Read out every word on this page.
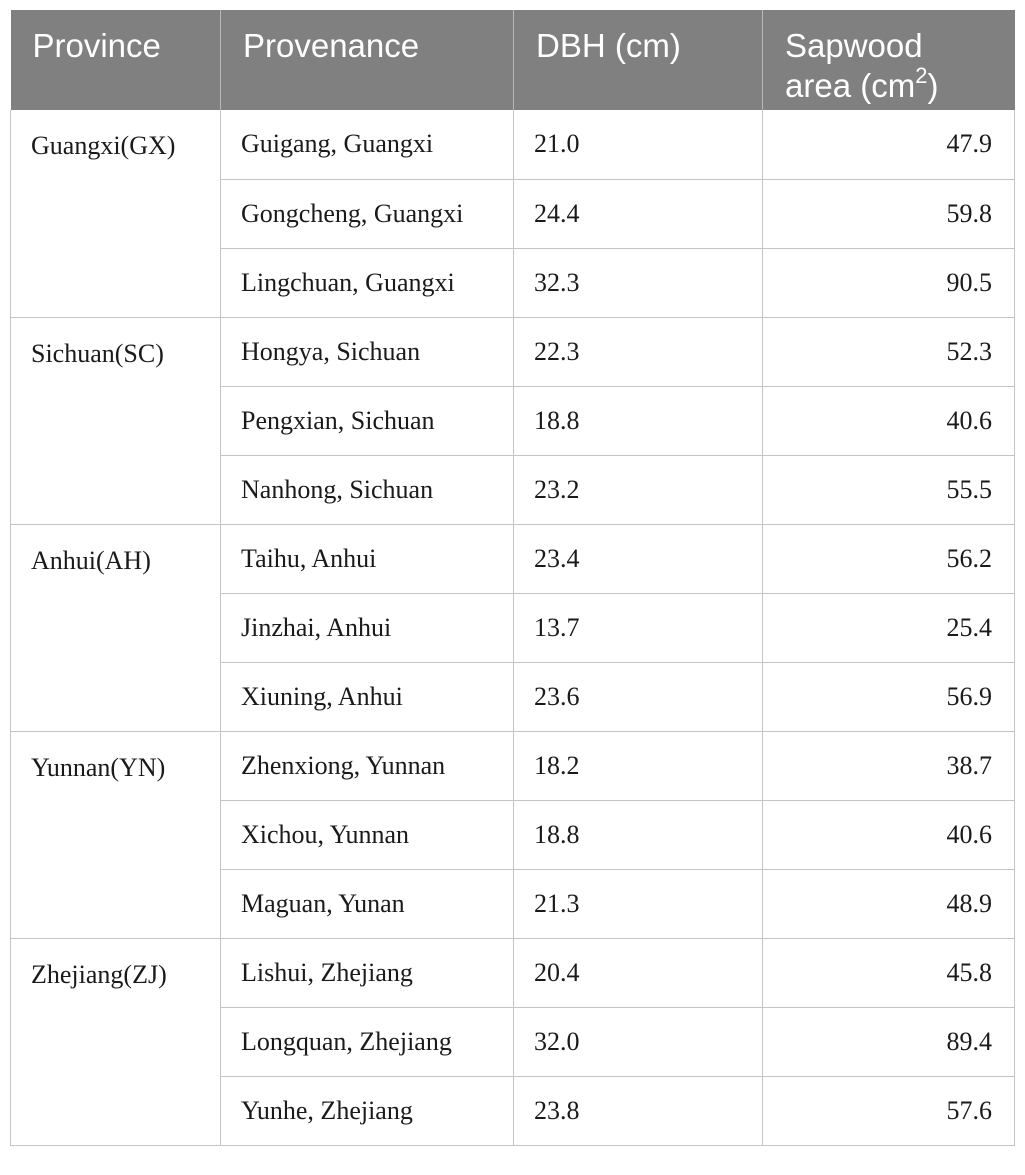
Province	Provenance	DBH (cm)	Sapwood
area $(cm^2)$
Guangxi(GX)	Guigang, Guangxi	21.0	47.9
	Gongcheng, Guangxi	24.4	59.8
	Lingchuan, Guangxi	32.3	90.5
Sichuan(SC)	Hongya, Sichuan	22.3	52.3
	Pengxian, Sichuan	18.8	40.6
	Nanhong, Sichuan	23.2	55.5
Anhui(AH)	Taihu, Anhui	23.4	56.2
	Jinzhai, Anhui	13.7	25.4
	Xiuning, Anhui	23.6	56.9
Yunnan(YN)	Zhenxiong, Yunnan	18.2	38.7
	Xichou, Yunnan	18.8	40.6
	Maguan, Yunan	21.3	48.9
Zhejiang(ZJ)	Lishui, Zhejiang	20.4	45.8
	Longquan, Zhejiang	32.0	89.4
	Yunhe, Zhejiang	23.8	57.6
